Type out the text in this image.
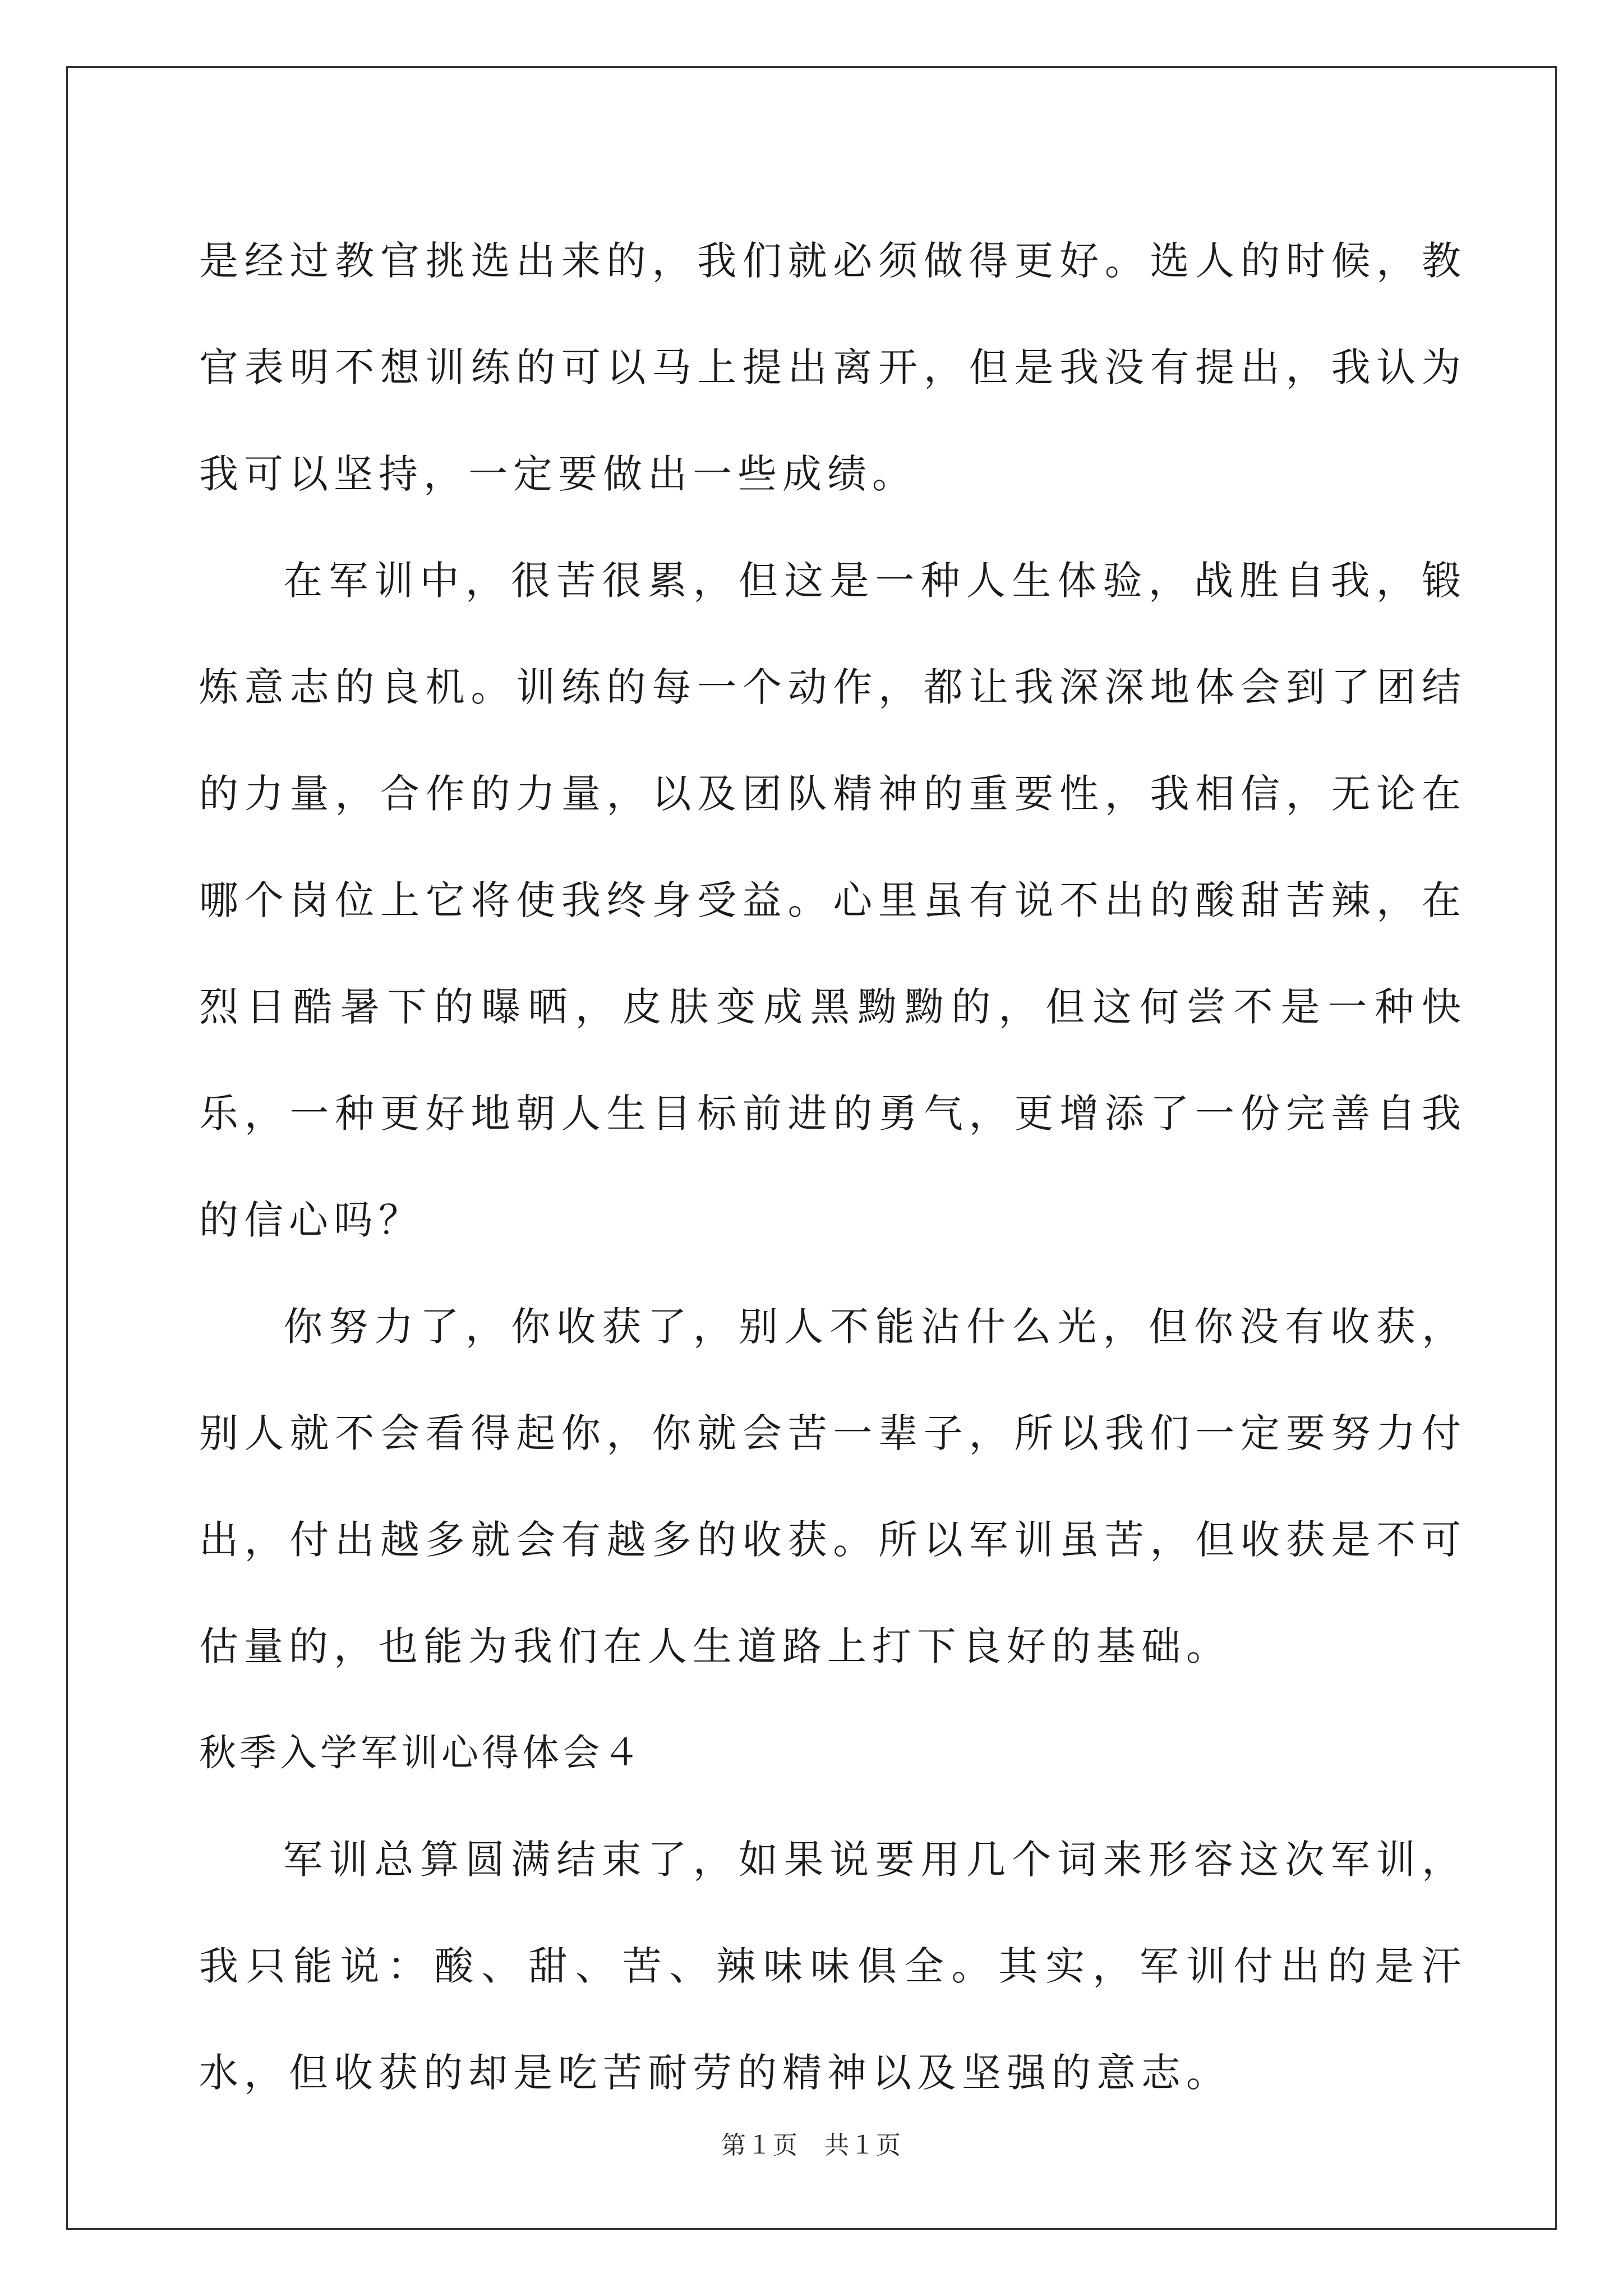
是经过教官挑选出来的，我们就必须做得更好。选人的时候，教官表明不想训练的可以马上提出离开，但是我没有提出，我认为我可以坚持，一定要做出一些成绩。

在军训中，很苦很累，但这是一种人生体验，战胜自我，锻炼意志的良机。训练的每一个动作，都让我深深地体会到了团结的力量，合作的力量，以及团队精神的重要性，我相信，无论在哪个岗位上它将使我终身受益。心里虽有说不出的酸甜苦辣，在烈日酷暑下的曝晒，皮肤变成黑黝黝的，但这何尝不是一种快乐，一种更好地朝人生目标前进的勇气，更增添了一份完善自我的信心吗？

你努力了，你收获了，别人不能沾什么光，但你没有收获，别人就不会看得起你，你就会苦一辈子，所以我们一定要努力付出，付出越多就会有越多的收获。所以军训虽苦，但收获是不可估量的，也能为我们在人生道路上打下良好的基础。

秋季入学军训心得体会４

军训总算圆满结束了，如果说要用几个词来形容这次军训，我只能说：酸、甜、苦、辣味味俱全。其实，军训付出的是汗水，但收获的却是吃苦耐劳的精神以及坚强的意志。

第１页　共１页
